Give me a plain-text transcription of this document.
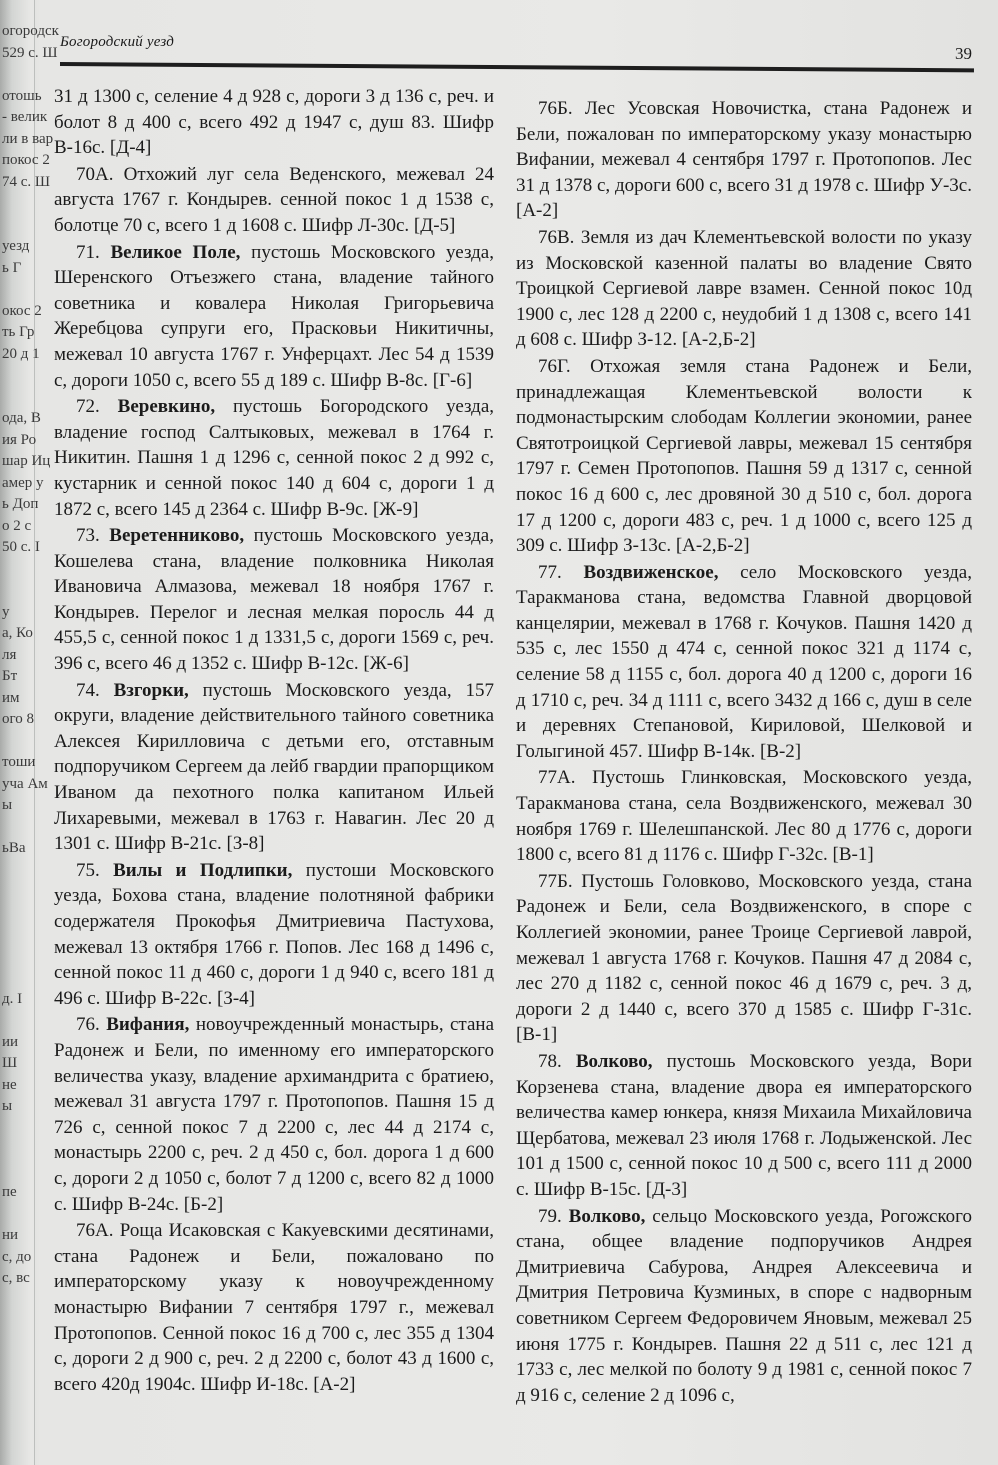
огородск
529 с. Ш
отошь
- велик
ли в вар
покос 2
74 с. Ш
уезд
ь Г
окос 2
ть Гр
20 д 1
ода, В
ия Ро
шар Иц
амер у
ь Доп
о 2 с
50 с. I
у
а, Ко
ля
Бт
им
ого 8
тоши
уча Ам
ы
ьВа
д. I
ии
Ш
не
ы
пе
ни
с, до
с, вс
Богородский уезд
39

31 д 1300 с, селение 4 д 928 с, дороги 3 д 136 с, реч. и болот 8 д 400 с, всего 492 д 1947 с, душ 83. Шифр В-16с. [Д-4]

70А. Отхожий луг села Веденского, межевал 24 августа 1767 г. Кондырев. сенной покос 1 д 1538 с, болотце 70 с, всего 1 д 1608 с. Шифр Л-30с. [Д-5]

71. Великое Поле, пустошь Московского уезда, Шеренского Отъезжего стана, владение тайного советника и ковалера Николая Григорьевича Жеребцова супруги его, Прасковьи Никитичны, межевал 10 августа 1767 г. Унферцахт. Лес 54 д 1539 с, дороги 1050 с, всего 55 д 189 с. Шифр В-8с. [Г-6]

72. Веревкино, пустошь Богородского уезда, владение господ Салтыковых, межевал в 1764 г. Никитин. Пашня 1 д 1296 с, сенной покос 2 д 992 с, кустарник и сенной покос 140 д 604 с, дороги 1 д 1872 с, всего 145 д 2364 с. Шифр В-9с. [Ж-9]

73. Веретенниково, пустошь Московского уезда, Кошелева стана, владение полковника Николая Ивановича Алмазова, межевал 18 ноября 1767 г. Кондырев. Перелог и лесная мелкая поросль 44 д 455,5 с, сенной покос 1 д 1331,5 с, дороги 1569 с, реч. 396 с, всего 46 д 1352 с. Шифр В-12с. [Ж-6]

74. Взгорки, пустошь Московского уезда, 157 округи, владение действительного тайного советника Алексея Кирилловича с детьми его, отставным подпоручиком Сергеем да лейб гвардии прапорщиком Иваном да пехотного полка капитаном Ильей Лихаревыми, межевал в 1763 г. Навагин. Лес 20 д 1301 с. Шифр В-21с. [З-8]

75. Вилы и Подлипки, пустоши Московского уезда, Бохова стана, владение полотняной фабрики содержателя Прокофья Дмитриевича Пастухова, межевал 13 октября 1766 г. Попов. Лес 168 д 1496 с, сенной покос 11 д 460 с, дороги 1 д 940 с, всего 181 д 496 с. Шифр В-22с. [З-4]

76. Вифания, новоучрежденный монастырь, стана Радонеж и Бели, по именному его императорского величества указу, владение архимандрита с братиею, межевал 31 августа 1797 г. Протопопов. Пашня 15 д 726 с, сенной покос 7 д 2200 с, лес 44 д 2174 с, монастырь 2200 с, реч. 2 д 450 с, бол. дорога 1 д 600 с, дороги 2 д 1050 с, болот 7 д 1200 с, всего 82 д 1000 с. Шифр В-24с. [Б-2]

76А. Роща Исаковская с Какуевскими десятинами, стана Радонеж и Бели, пожаловано по императорскому указу к новоучрежденному монастырю Вифании 7 сентября 1797 г., межевал Протопопов. Сенной покос 16 д 700 с, лес 355 д 1304 с, дороги 2 д 900 с, реч. 2 д 2200 с, болот 43 д 1600 с, всего 420д 1904с. Шифр И-18с. [А-2]

76Б. Лес Усовская Новочистка, стана Радонеж и Бели, пожалован по императорскому указу монастырю Вифании, межевал 4 сентября 1797 г. Протопопов. Лес 31 д 1378 с, дороги 600 с, всего 31 д 1978 с. Шифр У-3с. [А-2]

76В. Земля из дач Клементьевской волости по указу из Московской казенной палаты во владение Свято Троицкой Сергиевой лавре взамен. Сенной покос 10д 1900 с, лес 128 д 2200 с, неудобий 1 д 1308 с, всего 141 д 608 с. Шифр З-12. [А-2,Б-2]

76Г. Отхожая земля стана Радонеж и Бели, принадлежащая Клементьевской волости к подмонастырским слободам Коллегии экономии, ранее Святотроицкой Сергиевой лавры, межевал 15 сентября 1797 г. Семен Протопопов. Пашня 59 д 1317 с, сенной покос 16 д 600 с, лес дровяной 30 д 510 с, бол. дорога 17 д 1200 с, дороги 483 с, реч. 1 д 1000 с, всего 125 д 309 с. Шифр З-13с. [А-2,Б-2]

77. Воздвиженское, село Московского уезда, Таракманова стана, ведомства Главной дворцовой канцелярии, межевал в 1768 г. Кочуков. Пашня 1420 д 535 с, лес 1550 д 474 с, сенной покос 321 д 1174 с, селение 58 д 1155 с, бол. дорога 40 д 1200 с, дороги 16 д 1710 с, реч. 34 д 1111 с, всего 3432 д 166 с, душ в селе и деревнях Степановой, Кириловой, Шелковой и Голыгиной 457. Шифр В-14к. [В-2]

77А. Пустошь Глинковская, Московского уезда, Таракманова стана, села Воздвиженского, межевал 30 ноября 1769 г. Шелешпанской. Лес 80 д 1776 с, дороги 1800 с, всего 81 д 1176 с. Шифр Г-32с. [В-1]

77Б. Пустошь Головково, Московского уезда, стана Радонеж и Бели, села Воздвиженского, в споре с Коллегией экономии, ранее Троице Сергиевой лаврой, межевал 1 августа 1768 г. Кочуков. Пашня 47 д 2084 с, лес 270 д 1182 с, сенной покос 46 д 1679 с, реч. 3 д, дороги 2 д 1440 с, всего 370 д 1585 с. Шифр Г-31с. [В-1]

78. Волково, пустошь Московского уезда, Вори Корзенева стана, владение двора ея императорского величества камер юнкера, князя Михаила Михайловича Щербатова, межевал 23 июля 1768 г. Лодыженской. Лес 101 д 1500 с, сенной покос 10 д 500 с, всего 111 д 2000 с. Шифр В-15с. [Д-3]

79. Волково, сельцо Московского уезда, Рогожского стана, общее владение подпоручиков Андрея Дмитриевича Сабурова, Андрея Алексеевича и Дмитрия Петровича Кузминых, в споре с надворным советником Сергеем Федоровичем Яновым, межевал 25 июня 1775 г. Кондырев. Пашня 22 д 511 с, лес 121 д 1733 с, лес мелкой по болоту 9 д 1981 с, сенной покос 7 д 916 с, селение 2 д 1096 с,
